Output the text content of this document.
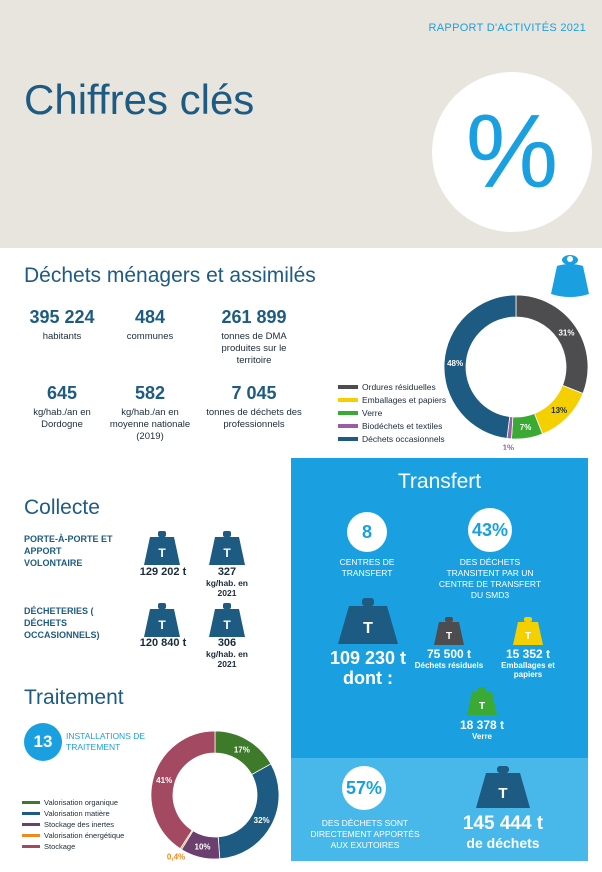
RAPPORT D'ACTIVITÉS 2021
Chiffres clés	%
Déchets ménagers et assimilés
395 224
habitants
484
communes
261 899
tonnes de DMA produites sur le territoire
645
kg/hab./an en Dordogne
582
kg/hab./an en moyenne nationale (2019)
7 045
tonnes de déchets des professionnels
Ordures résiduelles
Emballages et papiers
Verre
Biodéchets et textiles
Déchets occasionnels
31%
13%
7%
1%
48%
Collecte
PORTE-À-PORTE ET APPORT VOLONTAIRE
T
129 202 t
T
327
kg/hab. en 2021
DÉCHETERIES ( DÉCHETS OCCASIONNELS)
T
120 840 t
T
306
kg/hab. en 2021
Traitement
13	INSTALLATIONS DE TRAITEMENT
Valorisation organique
Valorisation matière
Stockage des inertes
Valorisation énergétique
Stockage
17%
32%
10%
0,4%
41%
Transfert
8
CENTRES DE TRANSFERT
43%
DES DÉCHETS TRANSITENT PAR UN CENTRE DE TRANSFERT DU SMD3
T
109 230 t
dont :
T
75 500 t
Déchets résiduels
T
15 352 t
Emballages et papiers
T
18 378 t
Verre
57%
DES DÉCHETS SONT DIRECTEMENT APPORTÉS AUX EXUTOIRES
T
145 444 t
de déchets
